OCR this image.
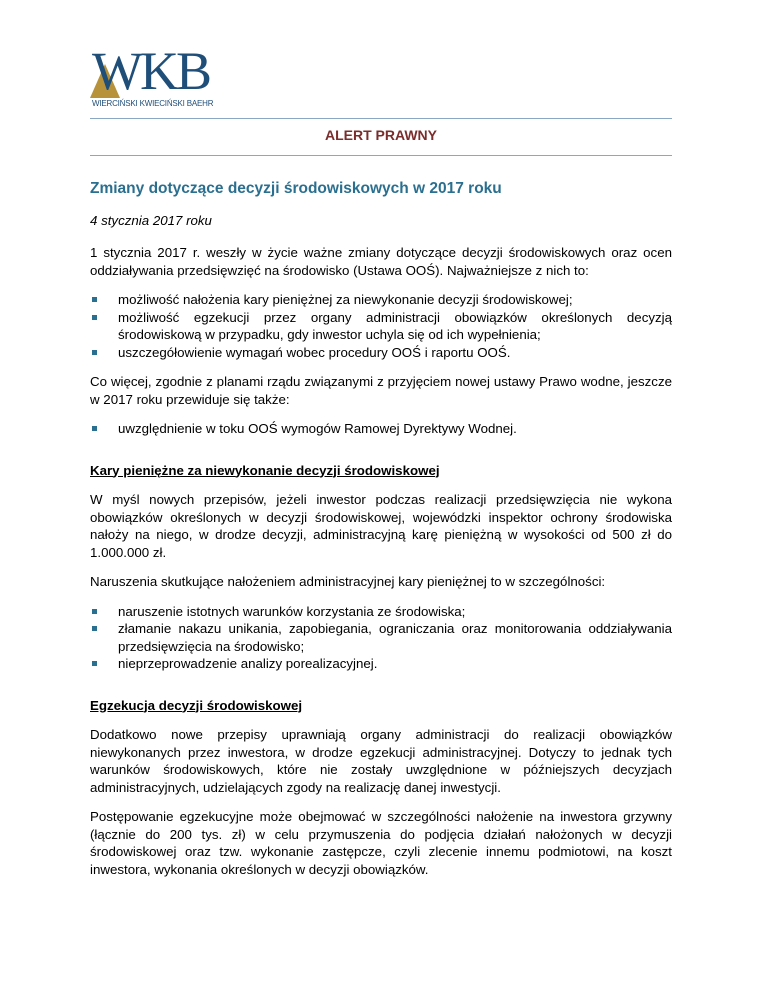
WKB
WIERCIŃSKI KWIECIŃSKI BAEHR
ALERT PRAWNY
Zmiany dotyczące decyzji środowiskowych w 2017 roku
4 stycznia 2017 roku

1 stycznia 2017 r. weszły w życie ważne zmiany dotyczące decyzji środowiskowych oraz ocen oddziaływania przedsięwzięć na środowisko (Ustawa OOŚ). Najważniejsze z nich to:

możliwość nałożenia kary pieniężnej za niewykonanie decyzji środowiskowej;
możliwość egzekucji przez organy administracji obowiązków określonych decyzją środowiskową w przypadku, gdy inwestor uchyla się od ich wypełnienia;
uszczegółowienie wymagań wobec procedury OOŚ i raportu OOŚ.

Co więcej, zgodnie z planami rządu związanymi z przyjęciem nowej ustawy Prawo wodne, jeszcze w 2017 roku przewiduje się także:

uwzględnienie w toku OOŚ wymogów Ramowej Dyrektywy Wodnej.
Kary pieniężne za niewykonanie decyzji środowiskowej

W myśl nowych przepisów, jeżeli inwestor podczas realizacji przedsięwzięcia nie wykona obowiązków określonych w decyzji środowiskowej, wojewódzki inspektor ochrony środowiska nałoży na niego, w drodze decyzji, administracyjną karę pieniężną w wysokości od 500 zł do 1.000.000 zł.

Naruszenia skutkujące nałożeniem administracyjnej kary pieniężnej to w szczególności:

naruszenie istotnych warunków korzystania ze środowiska;
złamanie nakazu unikania, zapobiegania, ograniczania oraz monitorowania oddziaływania przedsięwzięcia na środowisko;
nieprzeprowadzenie analizy porealizacyjnej.
Egzekucja decyzji środowiskowej

Dodatkowo nowe przepisy uprawniają organy administracji do realizacji obowiązków niewykonanych przez inwestora, w drodze egzekucji administracyjnej. Dotyczy to jednak tych warunków środowiskowych, które nie zostały uwzględnione w późniejszych decyzjach administracyjnych, udzielających zgody na realizację danej inwestycji.

Postępowanie egzekucyjne może obejmować w szczególności nałożenie na inwestora grzywny (łącznie do 200 tys. zł) w celu przymuszenia do podjęcia działań nałożonych w decyzji środowiskowej oraz tzw. wykonanie zastępcze, czyli zlecenie innemu podmiotowi, na koszt inwestora, wykonania określonych w decyzji obowiązków.
